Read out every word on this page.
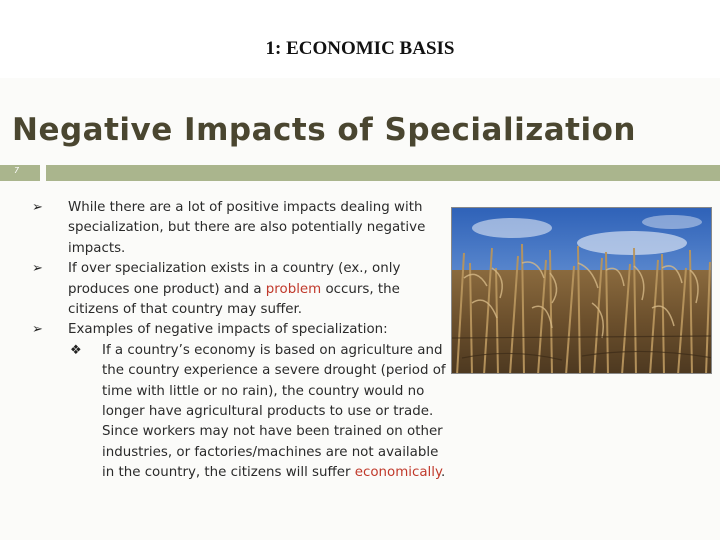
1: ECONOMIC BASIS
Negative Impacts of Specialization
7
➢ While there are a lot of positive impacts dealing with specialization, but there are also potentially negative impacts.
➢ If over specialization exists in a country (ex., only produces one product) and a problem occurs, the citizens of that country may suffer.
➢ Examples of negative impacts of specialization:
❖ If a country’s economy is based on agriculture and the country experience a severe drought (period of time with little or no rain), the country would no longer have agricultural products to use or trade. Since workers may not have been trained on other industries, or factories/machines are not available in the country, the citizens will suffer economically.
